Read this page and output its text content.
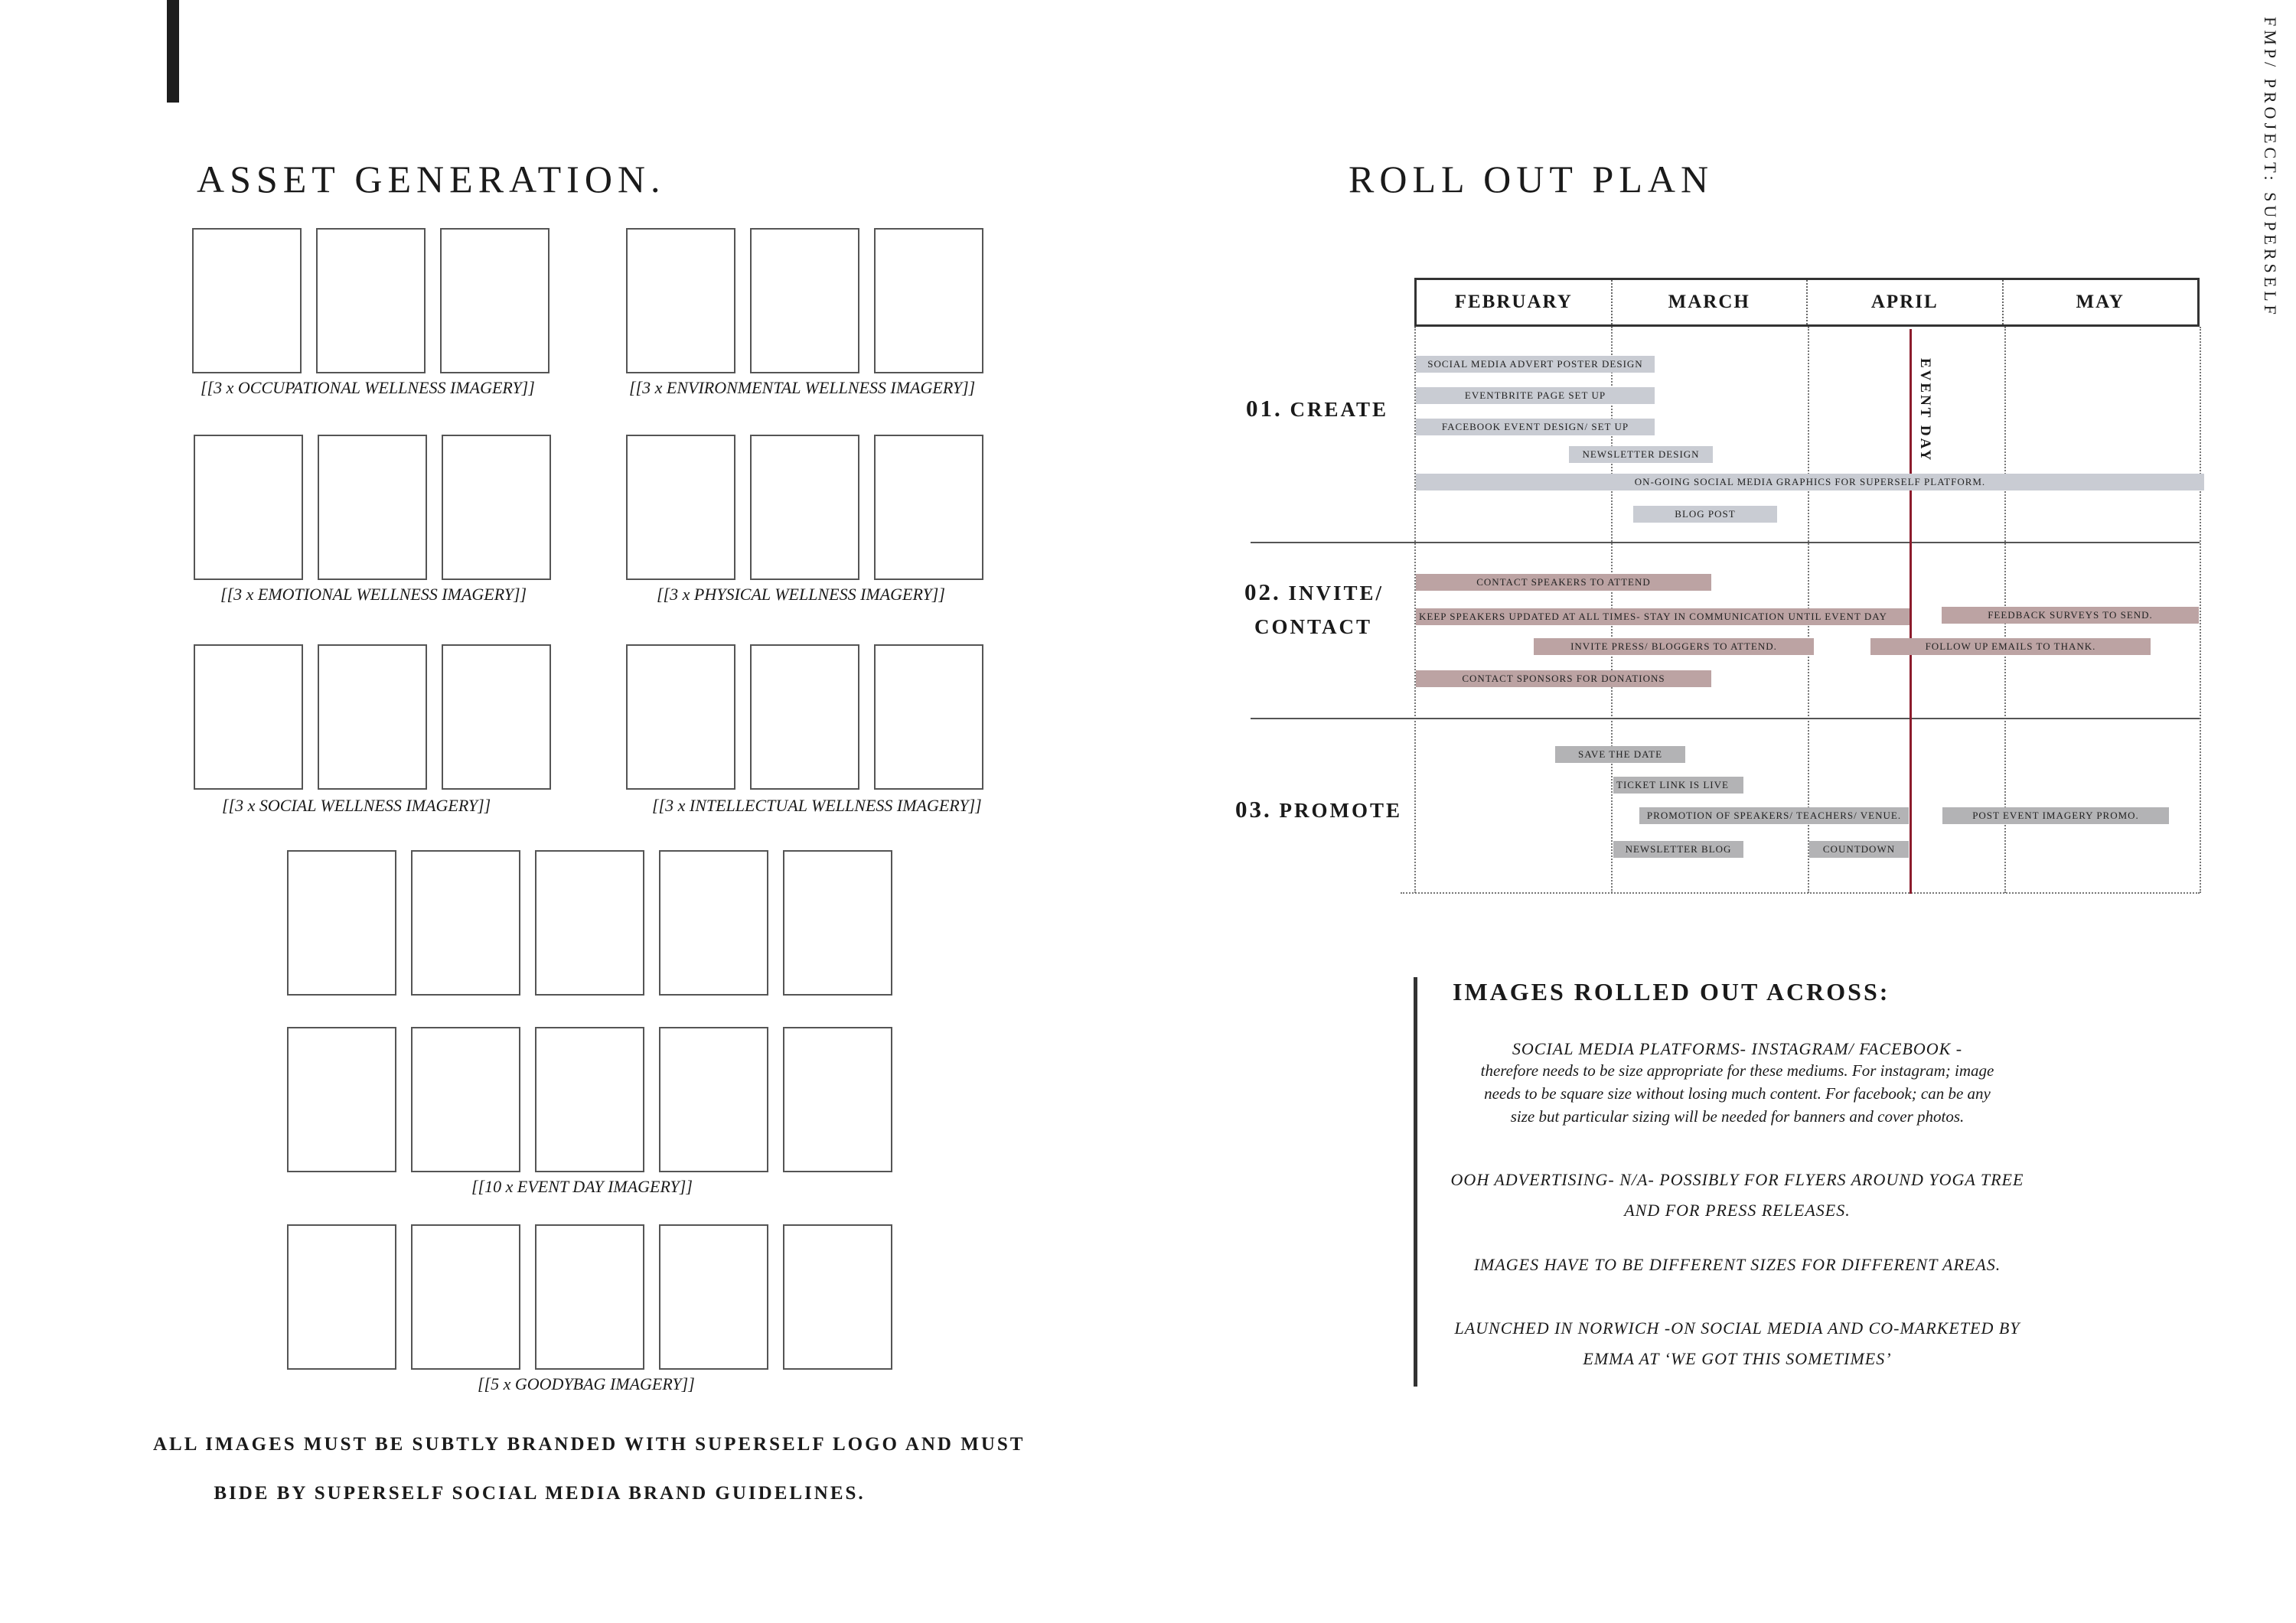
FMP/ PROJECT: SUPERSELF
ASSET GENERATION.
[[3 x OCCUPATIONAL WELLNESS IMAGERY]]	[[3 x ENVIRONMENTAL WELLNESS IMAGERY]]
[[3 x EMOTIONAL WELLNESS IMAGERY]]	[[3 x PHYSICAL WELLNESS IMAGERY]]
[[3 x SOCIAL WELLNESS IMAGERY]]	[[3 x INTELLECTUAL WELLNESS IMAGERY]]
[[10 x EVENT DAY IMAGERY]]
[[5 x GOODYBAG IMAGERY]]
ALL IMAGES MUST BE SUBTLY BRANDED WITH SUPERSELF LOGO AND MUST
BIDE BY SUPERSELF SOCIAL MEDIA BRAND GUIDELINES.
ROLL OUT PLAN
FEBRUARY	MARCH	APRIL	MAY
EVENT DAY
01. CREATE
02. INVITE/
CONTACT
03. PROMOTE
SOCIAL MEDIA ADVERT POSTER DESIGN
EVENTBRITE PAGE SET UP
FACEBOOK EVENT DESIGN/ SET UP
NEWSLETTER DESIGN
ON-GOING SOCIAL MEDIA GRAPHICS FOR SUPERSELF PLATFORM.
BLOG POST
CONTACT SPEAKERS TO ATTEND
KEEP SPEAKERS UPDATED AT ALL TIMES- STAY IN COMMUNICATION UNTIL EVENT DAY	FEEDBACK SURVEYS TO SEND.
INVITE PRESS/ BLOGGERS TO ATTEND.	FOLLOW UP EMAILS TO THANK.
CONTACT SPONSORS FOR DONATIONS
SAVE THE DATE
TICKET LINK IS LIVE
PROMOTION OF SPEAKERS/ TEACHERS/ VENUE.	POST EVENT IMAGERY PROMO.
NEWSLETTER BLOG	COUNTDOWN
IMAGES ROLLED OUT ACROSS:
SOCIAL MEDIA PLATFORMS- INSTAGRAM/ FACEBOOK -
therefore needs to be size appropriate for these mediums. For instagram; image
needs to be square size without losing much content. For facebook; can be any
size but particular sizing will be needed for banners and cover photos.
OOH ADVERTISING- N/A- POSSIBLY FOR FLYERS AROUND YOGA TREE
AND FOR PRESS RELEASES.
IMAGES HAVE TO BE DIFFERENT SIZES FOR DIFFERENT AREAS.
LAUNCHED IN NORWICH -ON SOCIAL MEDIA AND CO-MARKETED BY
EMMA AT ‘WE GOT THIS SOMETIMES’
